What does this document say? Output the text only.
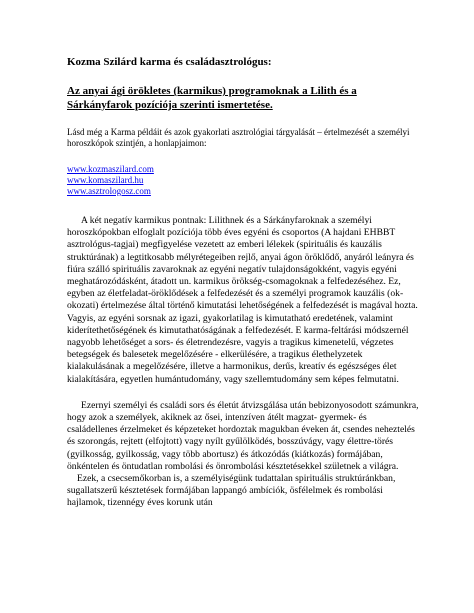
Kozma Szilárd karma és családasztrológus:

Az anyai ági örökletes (karmikus) programoknak a Lilith és a Sárkányfarok pozíciója szerinti ismertetése.

Lásd még a Karma példáit és azok gyakorlati asztrológiai tárgyalását – értelmezését a személyi horoszkópok szintjén, a honlapjaimon:

www.kozmaszilard.com
www.komaszilard.hu
www.asztrologosz.com

A két negatív karmikus pontnak: Lilithnek és a Sárkányfaroknak a személyi horoszkópokban elfoglalt pozíciója több éves egyéni és csoportos (A hajdani EHBBT asztrológus-tagjai) megfigyelése vezetett az emberi lélekek (spirituális és kauzális struktúrának) a legtitkosabb mélyrétegeiben rejlő, anyai ágon öröklődő, anyáról leányra és fiúra szálló spirituális zavaroknak az egyéni negatív tulajdonságokként, vagyis egyéni meghatározódásként, átadott un. karmikus örökség-csomagoknak a felfedezéséhez. Ez, egyben az életfeladat-öröklődések a felfedezését és a személyi programok kauzális (ok-okozati) értelmezése által történő kimutatási lehetőségének a felfedezését is magával hozta. Vagyis, az egyéni sorsnak az igazi, gyakorlatilag is kimutatható eredetének, valamint kiderítethetőségének és kimutathatóságának a felfedezését. E karma-feltárási módszernél nagyobb lehetőséget a sors- és életrendezésre, vagyis a tragikus kimenetelű, végzetes betegségek és balesetek megelőzésére - elkerülésére, a tragikus élethelyzetek kialakulásának a megelőzésére, illetve a harmonikus, derűs, kreatív és egészséges élet kialakítására, egyetlen humántudomány, vagy szellemtudomány sem képes felmutatni.

Ezernyi személyi és családi sors és életút átvizsgálása után bebizonyosodott számunkra, hogy azok a személyek, akiknek az ősei, intenzíven átélt magzat- gyermek- és családellenes érzelmeket és képzeteket hordoztak magukban éveken át, csendes neheztelés és szorongás, rejtett (elfojtott) vagy nyílt gyűlölködés, bosszúvágy, vagy élettre-törés (gyilkosság, gyilkosság, vagy több abortusz) és átkozódás (kiátkozás) formájában, önkéntelen és öntudatlan rombolási és önrombolási késztetésekkel születnek a világra.

Ezek, a csecsemőkorban is, a személyiségünk tudattalan spirituális struktúránkban, sugallatszerű késztetések formájában lappangó ambíciók, ösfélelmek és rombolási hajlamok, tizennégy éves korunk után
